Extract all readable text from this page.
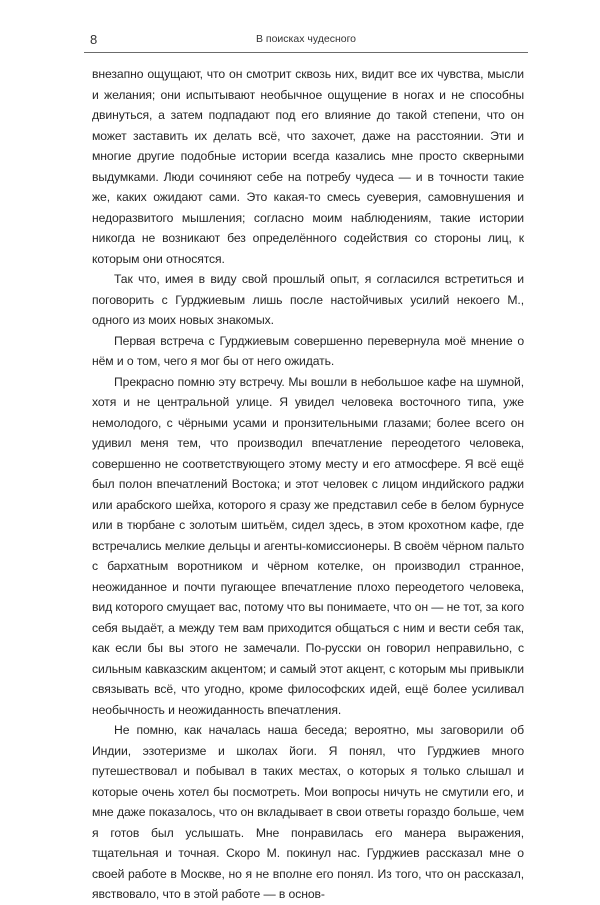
8	В поисках чудесного

внезапно ощущают, что он смотрит сквозь них, видит все их чувства, мысли и желания; они испытывают необычное ощущение в ногах и не способны двинуться, а затем подпадают под его влияние до такой степени, что он может заставить их делать всё, что захочет, даже на расстоянии. Эти и многие другие подобные истории всегда казались мне просто скверными выдумками. Люди сочиняют себе на потребу чудеса — и в точности такие же, каких ожидают сами. Это какая-то смесь суеверия, самовнушения и недоразвитого мышления; согласно моим наблюдениям, такие истории никогда не возникают без определённого содействия со стороны лиц, к которым они относятся.

Так что, имея в виду свой прошлый опыт, я согласился встретиться и поговорить с Гурджиевым лишь после настойчивых усилий некоего М., одного из моих новых знакомых.

Первая встреча с Гурджиевым совершенно перевернула моё мнение о нём и о том, чего я мог бы от него ожидать.

Прекрасно помню эту встречу. Мы вошли в небольшое кафе на шумной, хотя и не центральной улице. Я увидел человека восточного типа, уже немолодого, с чёрными усами и пронзительными глазами; более всего он удивил меня тем, что производил впечатление переодетого человека, совершенно не соответствующего этому месту и его атмосфере. Я всё ещё был полон впечатлений Востока; и этот человек с лицом индийского раджи или арабского шейха, которого я сразу же представил себе в белом бурнусе или в тюрбане с золотым шитьём, сидел здесь, в этом крохотном кафе, где встречались мелкие дельцы и агенты-комиссионеры. В своём чёрном пальто с бархатным воротником и чёрном котелке, он производил странное, неожиданное и почти пугающее впечатление плохо переодетого человека, вид которого смущает вас, потому что вы понимаете, что он — не тот, за кого себя выдаёт, а между тем вам приходится общаться с ним и вести себя так, как если бы вы этого не замечали. По-русски он говорил неправильно, с сильным кавказским акцентом; и самый этот акцент, с которым мы привыкли связывать всё, что угодно, кроме философских идей, ещё более усиливал необычность и неожиданность впечатления.

Не помню, как началась наша беседа; вероятно, мы заговорили об Индии, эзотеризме и школах йоги. Я понял, что Гурджиев много путешествовал и побывал в таких местах, о которых я только слышал и которые очень хотел бы посмотреть. Мои вопросы ничуть не смутили его, и мне даже показалось, что он вкладывает в свои ответы гораздо больше, чем я готов был услышать. Мне понравилась его манера выражения, тщательная и точная. Скоро М. покинул нас. Гурджиев рассказал мне о своей работе в Москве, но я не вполне его понял. Из того, что он рассказал, явствовало, что в этой работе — в основ-
